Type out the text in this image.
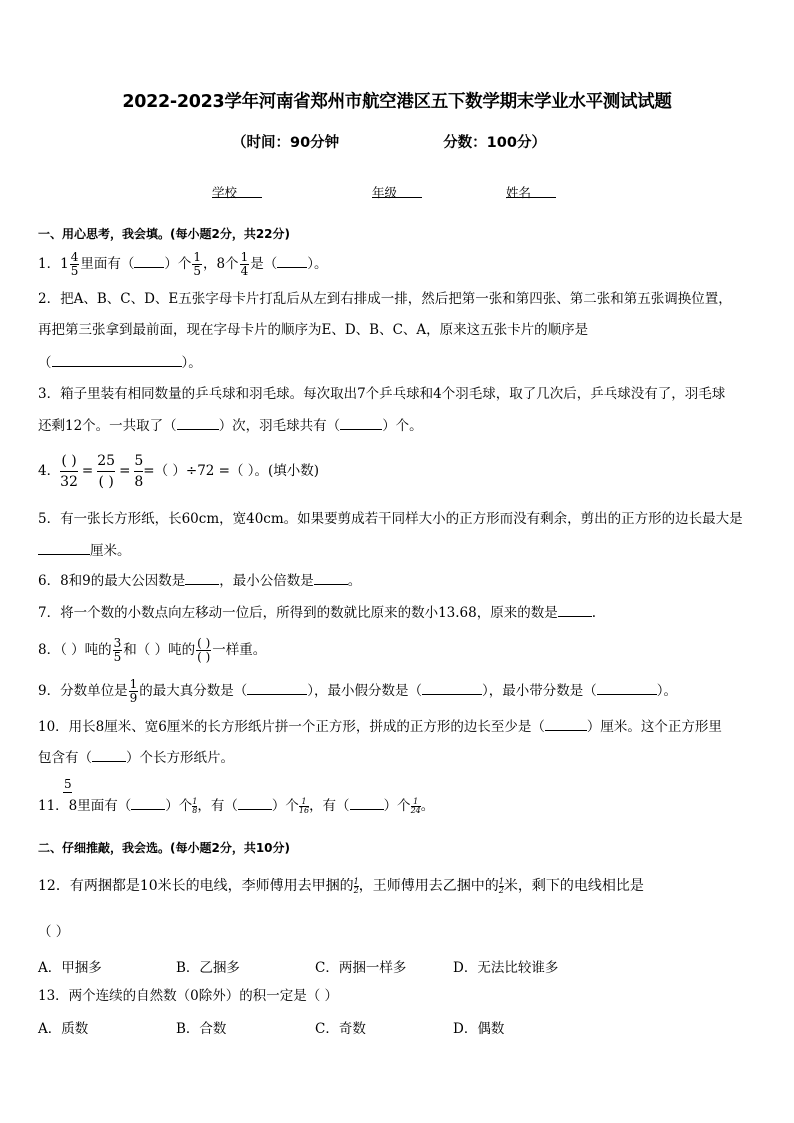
2022-2023学年河南省郑州市航空港区五下数学期末学业水平测试试题
（时间：90分钟	分数：100分）
学校	年级	姓名
一、用心思考，我会填。(每小题2分，共22分)
1．$1 \frac{4}{5}$ 里面有（ ）个 $\frac{1}{5}$ ，8个 $\frac{1}{4}$ 是（ ）。
2．把A、B、C、D、E五张字母卡片打乱后从左到右排成一排，然后把第一张和第四张、第二张和第五张调换位置，
再把第三张拿到最前面，现在字母卡片的顺序为E、D、B、C、A，原来这五张卡片的顺序是
（	）。
3．箱子里装有相同数量的乒乓球和羽毛球。每次取出7个乒乓球和4个羽毛球，取了几次后，乒乓球没有了，羽毛球
还剩12个。一共取了（	）次，羽毛球共有（	）个。
4．
( )
32
=
25
( )
= $\frac{5}{8}$ =（ ）÷72 =（ ）。(填小数)
5．有一张长方形纸，长60cm，宽40cm。如果要剪成若干同样大小的正方形而没有剩余，剪出的正方形的边长最大是
厘米。
6．8和9的最大公因数是	，最小公倍数是	。
7．将一个数的小数点向左移动一位后，所得到的数就比原来的数小13.68，原来的数是	.
8．（ ）吨的 $\frac{3}{5}$ 和（ ）吨的 $\frac{( )}{( )}$ 一样重。
9．分数单位是 $\frac{1}{9}$ 的最大真分数是（	），最小假分数是（	），最小带分数是（	）。
10．用长8厘米、宽6厘米的长方形纸片拼一个正方形，拼成的正方形的边长至少是（	）厘米。这个正方形里
包含有（	）个长方形纸片。
5
11．8里面有（	）个 $\frac{1}{8}$ ，有（	）个 $\frac{1}{16}$ ，有（	）个 $\frac{1}{24}$ 。
二、仔细推敲，我会选。(每小题2分，共10分)
12．有两捆都是10米长的电线，李师傅用去甲捆的 $\frac{1}{2}$ ，王师傅用去乙捆中的 $\frac{1}{2}$ 米，剩下的电线相比是
（ ）
A．甲捆多	B．乙捆多	C．两捆一样多	D．无法比较谁多
13．两个连续的自然数（0除外）的积一定是（ ）
A．质数	B．合数	C．奇数	D．偶数
